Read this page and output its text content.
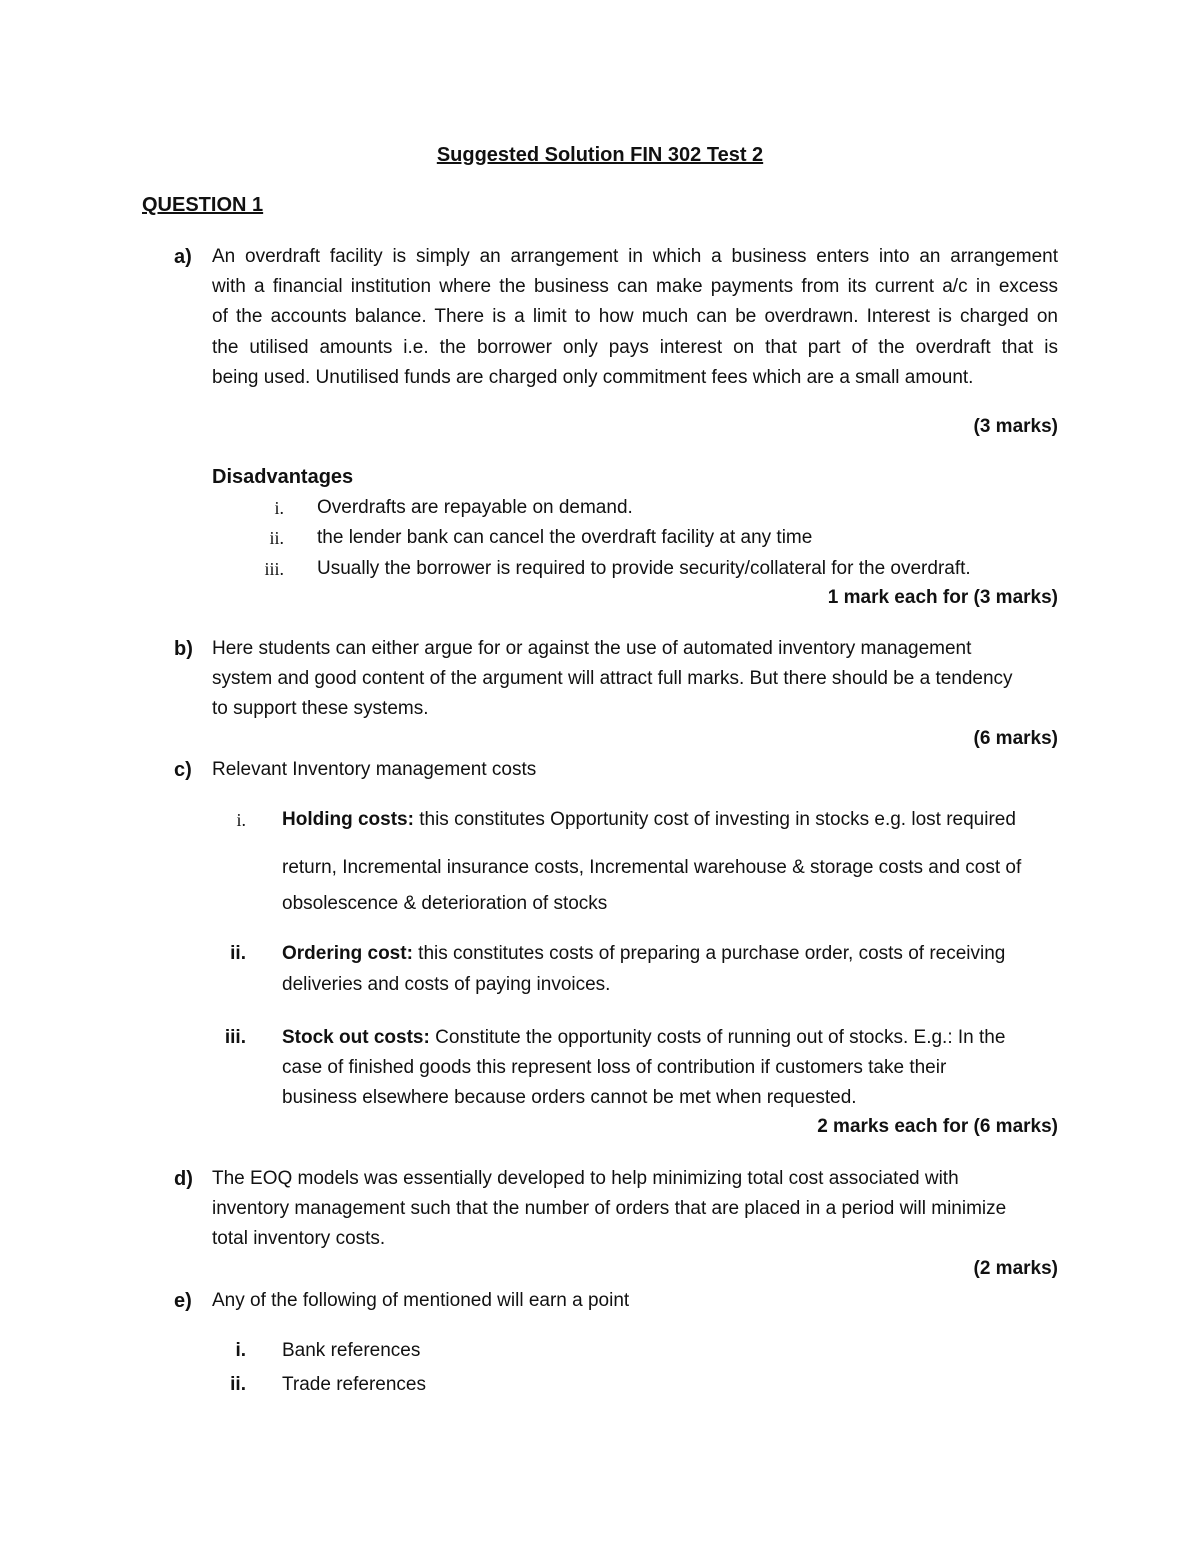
Suggested Solution FIN 302 Test 2
QUESTION 1
a) An overdraft facility is simply an arrangement in which a business enters into an arrangement
with a financial institution where the business can make payments from its current a/c in excess
of the accounts balance. There is a limit to how much can be overdrawn. Interest is charged on
the utilised amounts i.e. the borrower only pays interest on that part of the overdraft that is
being used. Unutilised funds are charged only commitment fees which are a small amount.
(3 marks)
Disadvantages
i. Overdrafts are repayable on demand.
ii. the lender bank can cancel the overdraft facility at any time
iii. Usually the borrower is required to provide security/collateral for the overdraft.
1 mark each for (3 marks)
b) Here students can either argue for or against the use of automated inventory management
system and good content of the argument will attract full marks. But there should be a tendency
to support these systems.
(6 marks)
c) Relevant Inventory management costs
i. Holding costs: this constitutes Opportunity cost of investing in stocks e.g. lost required
return, Incremental insurance costs, Incremental warehouse & storage costs and cost of
obsolescence & deterioration of stocks
ii. Ordering cost: this constitutes costs of preparing a purchase order, costs of receiving
deliveries and costs of paying invoices.
iii. Stock out costs: Constitute the opportunity costs of running out of stocks. E.g.: In the
case of finished goods this represent loss of contribution if customers take their
business elsewhere because orders cannot be met when requested.
2 marks each for (6 marks)
d) The EOQ models was essentially developed to help minimizing total cost associated with
inventory management such that the number of orders that are placed in a period will minimize
total inventory costs.
(2 marks)
e) Any of the following of mentioned will earn a point
i. Bank references
ii. Trade references
